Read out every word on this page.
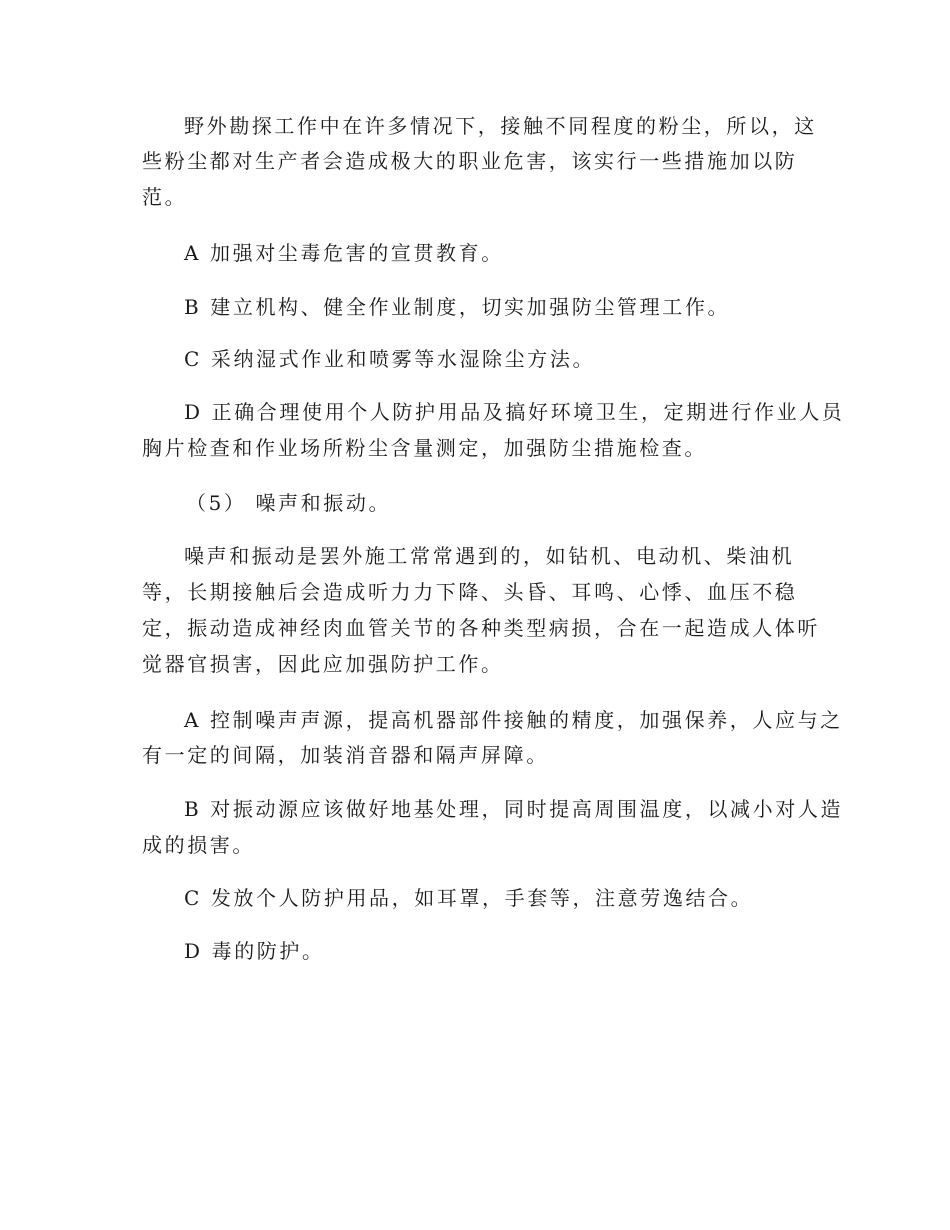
野外勘探工作中在许多情况下，接触不同程度的粉尘，所以，这
些粉尘都对生产者会造成极大的职业危害，该实行一些措施加以防
范。
A 加强对尘毒危害的宣贯教育。
B 建立机构、健全作业制度，切实加强防尘管理工作。
C 采纳湿式作业和喷雾等水湿除尘方法。
D 正确合理使用个人防护用品及搞好环境卫生，定期进行作业人员
胸片检查和作业场所粉尘含量测定，加强防尘措施检查。
（5） 噪声和振动。
噪声和振动是罢外施工常常遇到的，如钻机、电动机、柴油机
等，长期接触后会造成听力力下降、头昏、耳鸣、心悸、血压不稳
定，振动造成神经肉血管关节的各种类型病损，合在一起造成人体听
觉器官损害，因此应加强防护工作。
A 控制噪声声源，提高机器部件接触的精度，加强保养，人应与之
有一定的间隔，加装消音器和隔声屏障。
B 对振动源应该做好地基处理，同时提高周围温度，以减小对人造
成的损害。
C 发放个人防护用品，如耳罩，手套等，注意劳逸结合。
D 毒的防护。
